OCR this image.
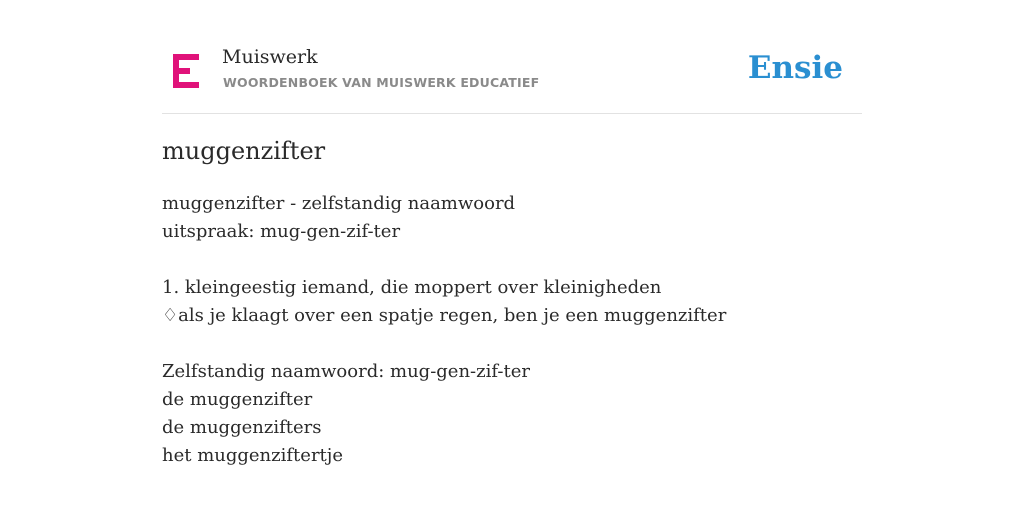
Muiswerk
WOORDENBOEK VAN MUISWERK EDUCATIEF	Ensie
muggenzifter
muggenzifter - zelfstandig naamwoord
uitspraak: mug-gen-zif-ter
1. kleingeestig iemand, die moppert over kleinigheden
♢als je klaagt over een spatje regen, ben je een muggenzifter
Zelfstandig naamwoord: mug-gen-zif-ter
de muggenzifter
de muggenzifters
het muggenziftertje
